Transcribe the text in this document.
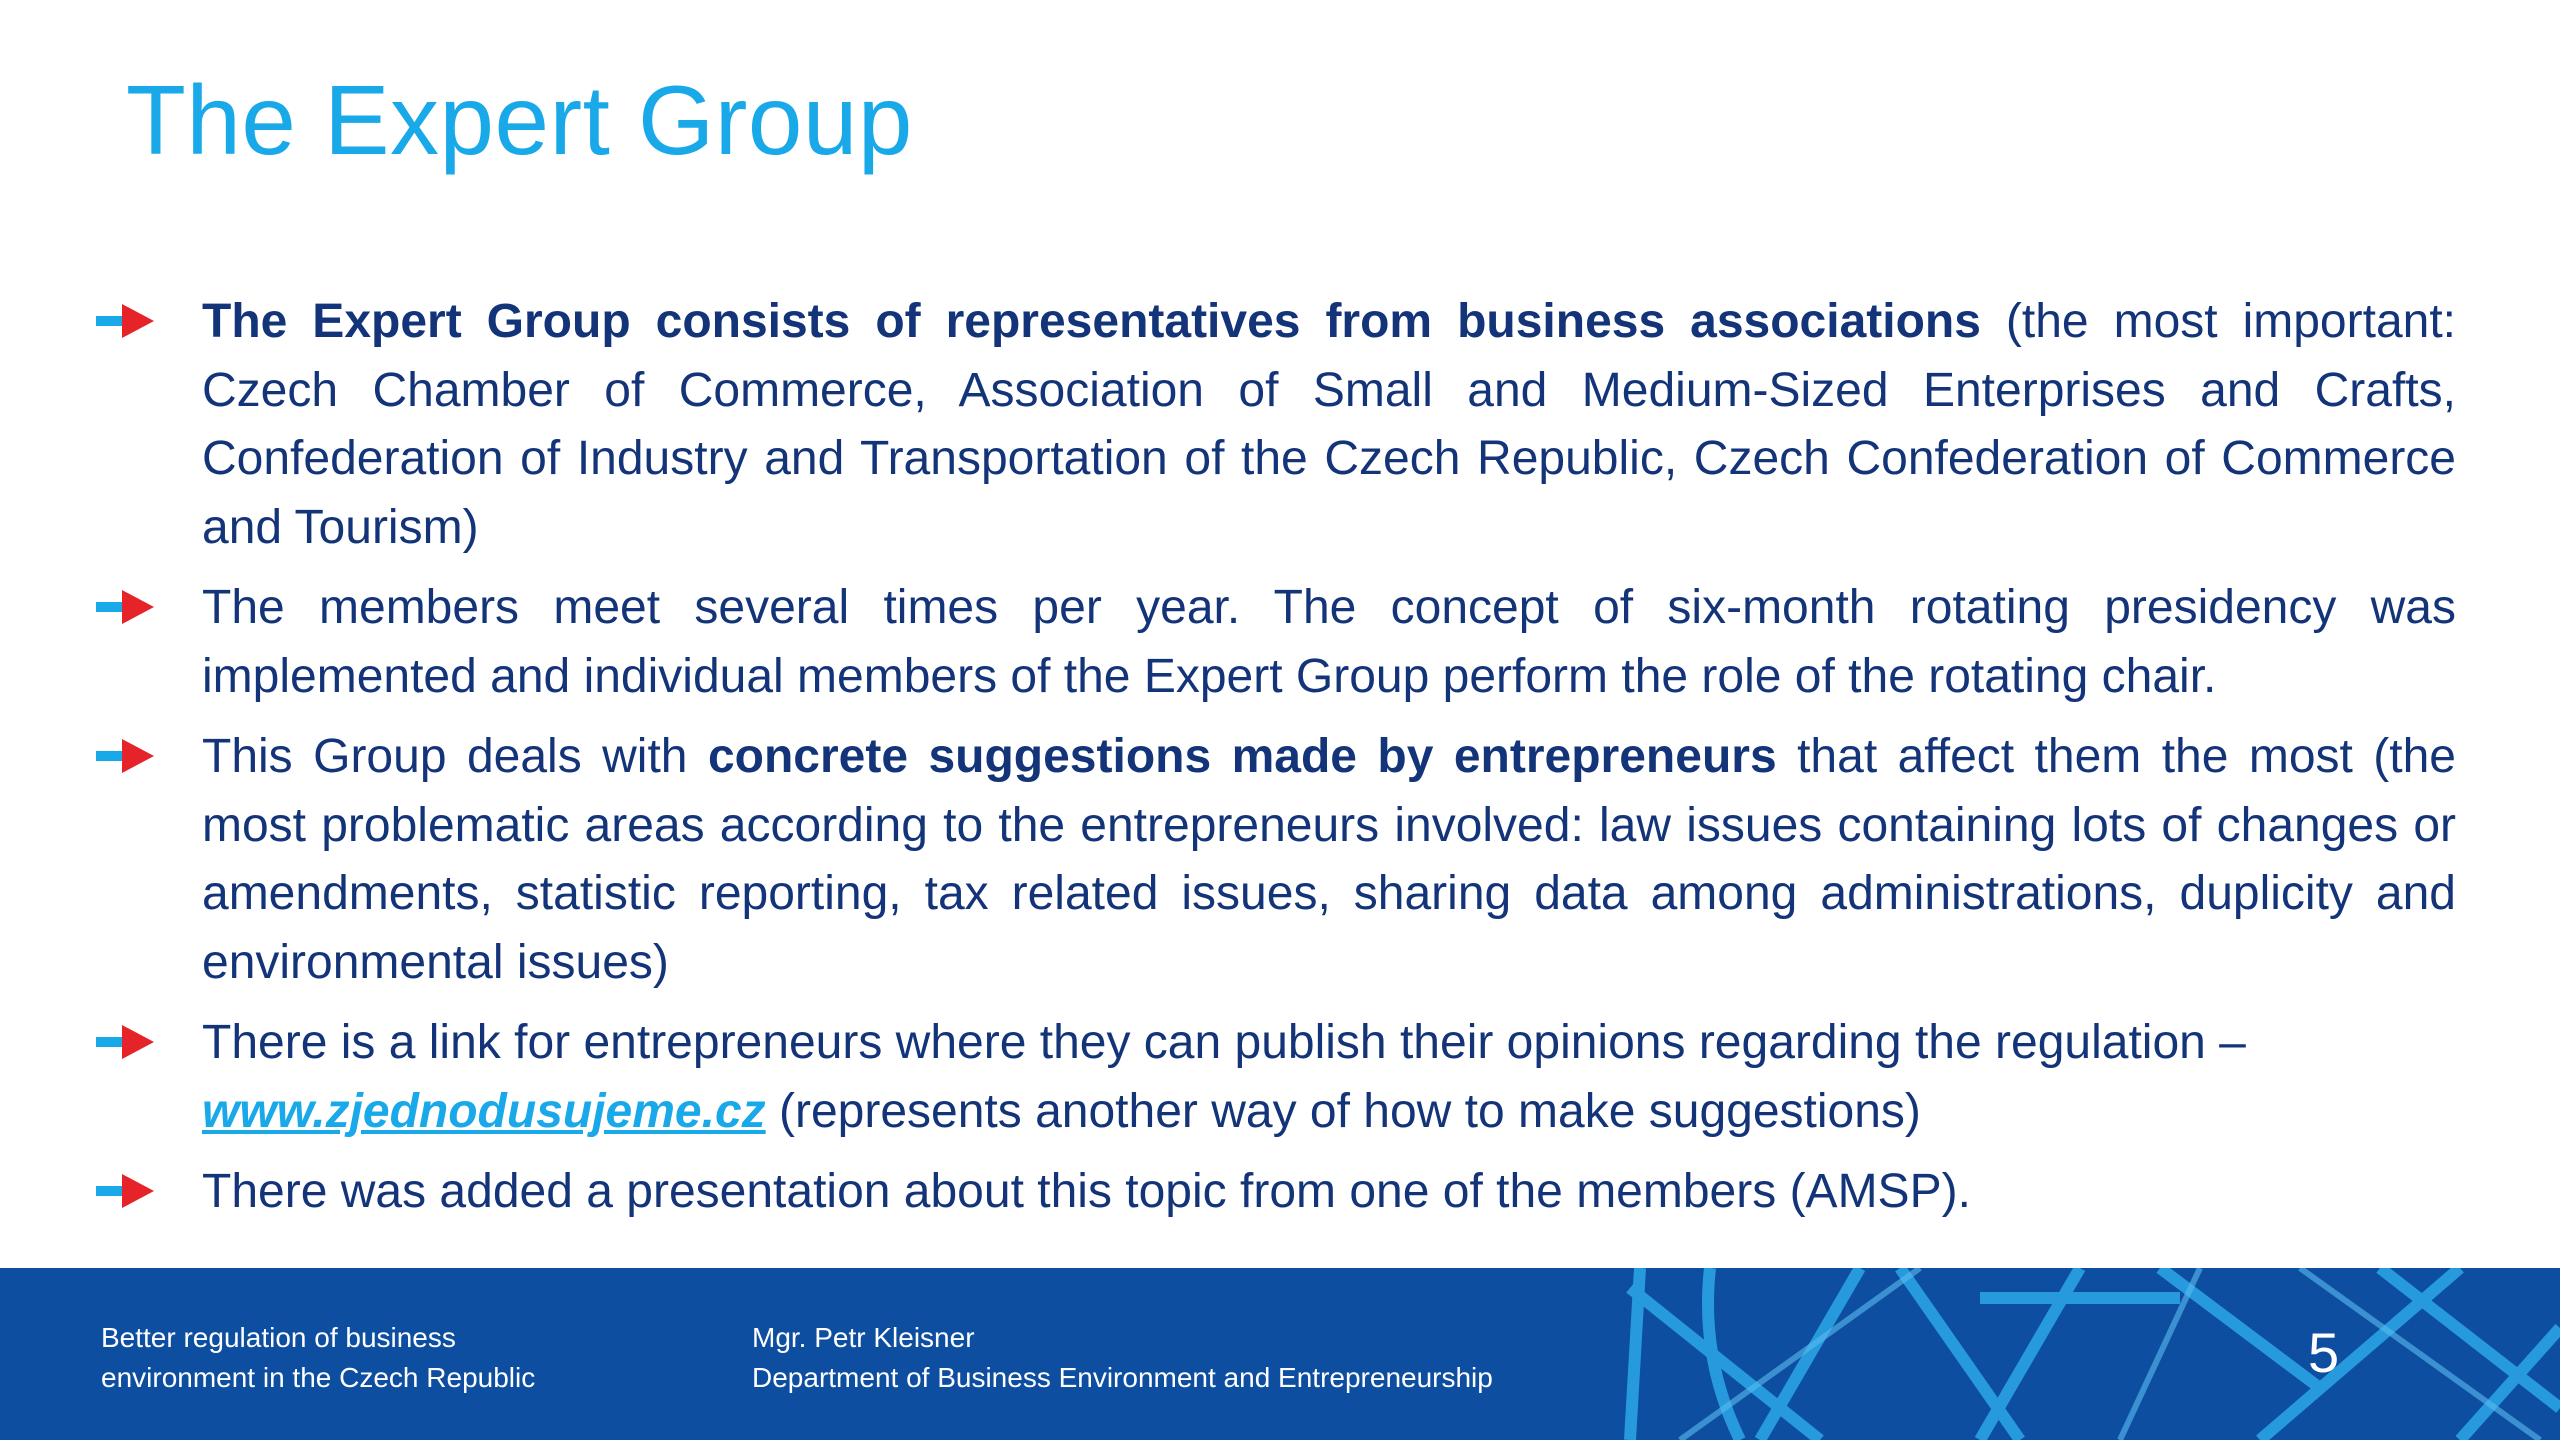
The Expert Group

The Expert Group consists of representatives from business associations (the most important: Czech Chamber of Commerce, Association of Small and Medium-Sized Enterprises and Crafts, Confederation of Industry and Transportation of the Czech Republic, Czech Confederation of Commerce and Tourism)

The members meet several times per year. The concept of six-month rotating presidency was implemented and individual members of the Expert Group perform the role of the rotating chair.

This Group deals with concrete suggestions made by entrepreneurs that affect them the most (the most problematic areas according to the entrepreneurs involved: law issues containing lots of changes or amendments, statistic reporting, tax related issues, sharing data among administrations, duplicity and environmental issues)

There is a link for entrepreneurs where they can publish their opinions regarding the regulation –
www.zjednodusujeme.cz (represents another way of how to make suggestions)

There was added a presentation about this topic from one of the members (AMSP).

Better regulation of business
environment in the Czech Republic
Mgr. Petr Kleisner
Department of Business Environment and Entrepreneurship	5
